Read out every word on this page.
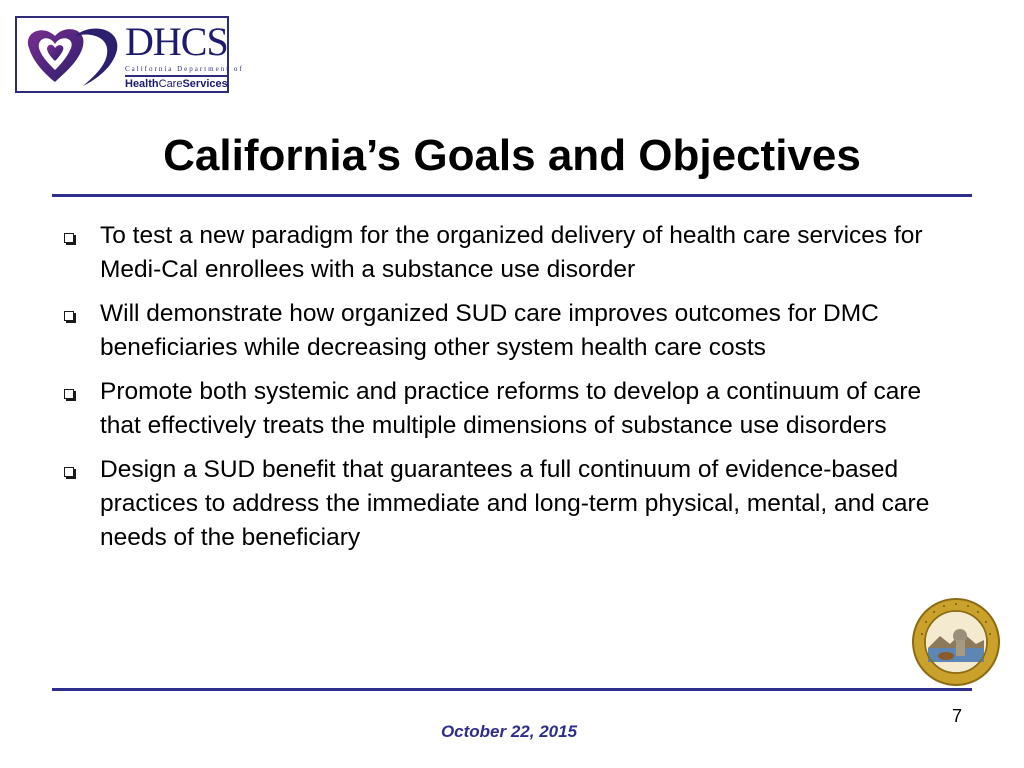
DHCS
California Department of
HealthCareServices
California’s Goals and Objectives
To test a new paradigm for the organized delivery of health care services for Medi-Cal enrollees with a substance use disorder
Will demonstrate how organized SUD care improves outcomes for DMC beneficiaries while decreasing other system health care costs
Promote both systemic and practice reforms to develop a continuum of care that effectively treats the multiple dimensions of substance use disorders
Design a SUD benefit that guarantees a full continuum of evidence-based practices to address the immediate and long-term physical, mental, and care needs of the beneficiary
October 22, 2015
7
